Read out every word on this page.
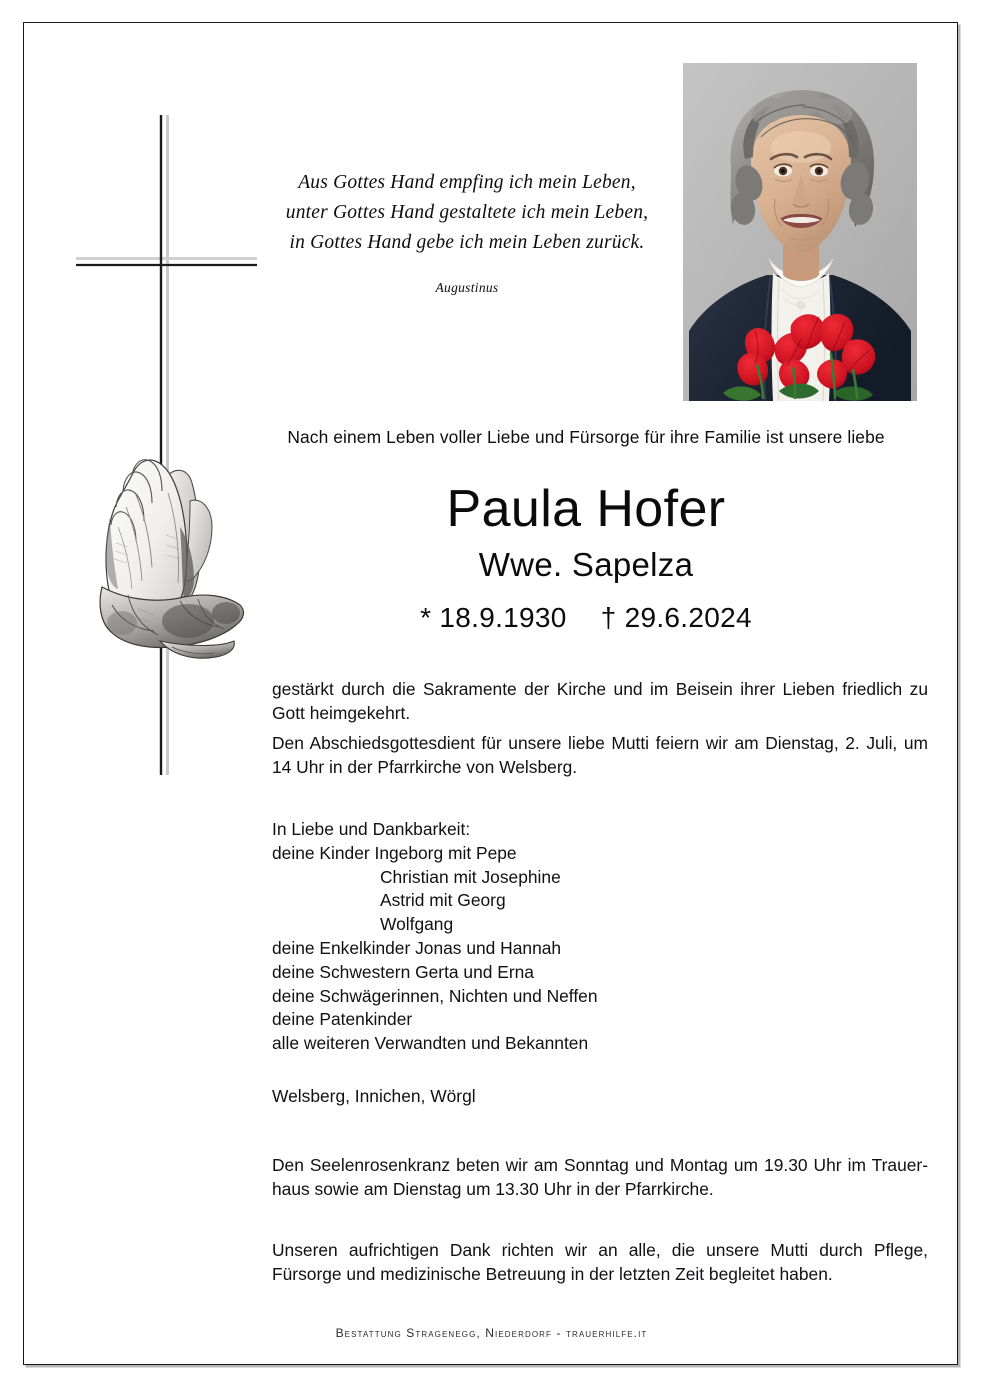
Aus Gottes Hand empfing ich mein Leben,
unter Gottes Hand gestaltete ich mein Leben,
in Gottes Hand gebe ich mein Leben zurück.
Augustinus
Nach einem Leben voller Liebe und Fürsorge für ihre Familie ist unsere liebe
Paula Hofer
Wwe. Sapelza
* 18.9.1930 † 29.6.2024
gestärkt durch die Sakramente der Kirche und im Beisein ihrer Lieben friedlich zu Gott heimgekehrt.
Den Abschiedsgottesdient für unsere liebe Mutti feiern wir am Dienstag, 2. Juli, um 14 Uhr in der Pfarrkirche von Welsberg.
In Liebe und Dankbarkeit:
deine Kinder Ingeborg mit Pepe
Christian mit Josephine
Astrid mit Georg
Wolfgang
deine Enkelkinder Jonas und Hannah
deine Schwestern Gerta und Erna
deine Schwägerinnen, Nichten und Neffen
deine Patenkinder
alle weiteren Verwandten und Bekannten
Welsberg, Innichen, Wörgl
Den Seelenrosenkranz beten wir am Sonntag und Montag um 19.30 Uhr im Trauer-haus sowie am Dienstag um 13.30 Uhr in der Pfarrkirche.
Unseren aufrichtigen Dank richten wir an alle, die unsere Mutti durch Pflege, Fürsorge und medizinische Betreuung in der letzten Zeit begleitet haben.
Bestattung Stragenegg, Niederdorf - trauerhilfe.it
